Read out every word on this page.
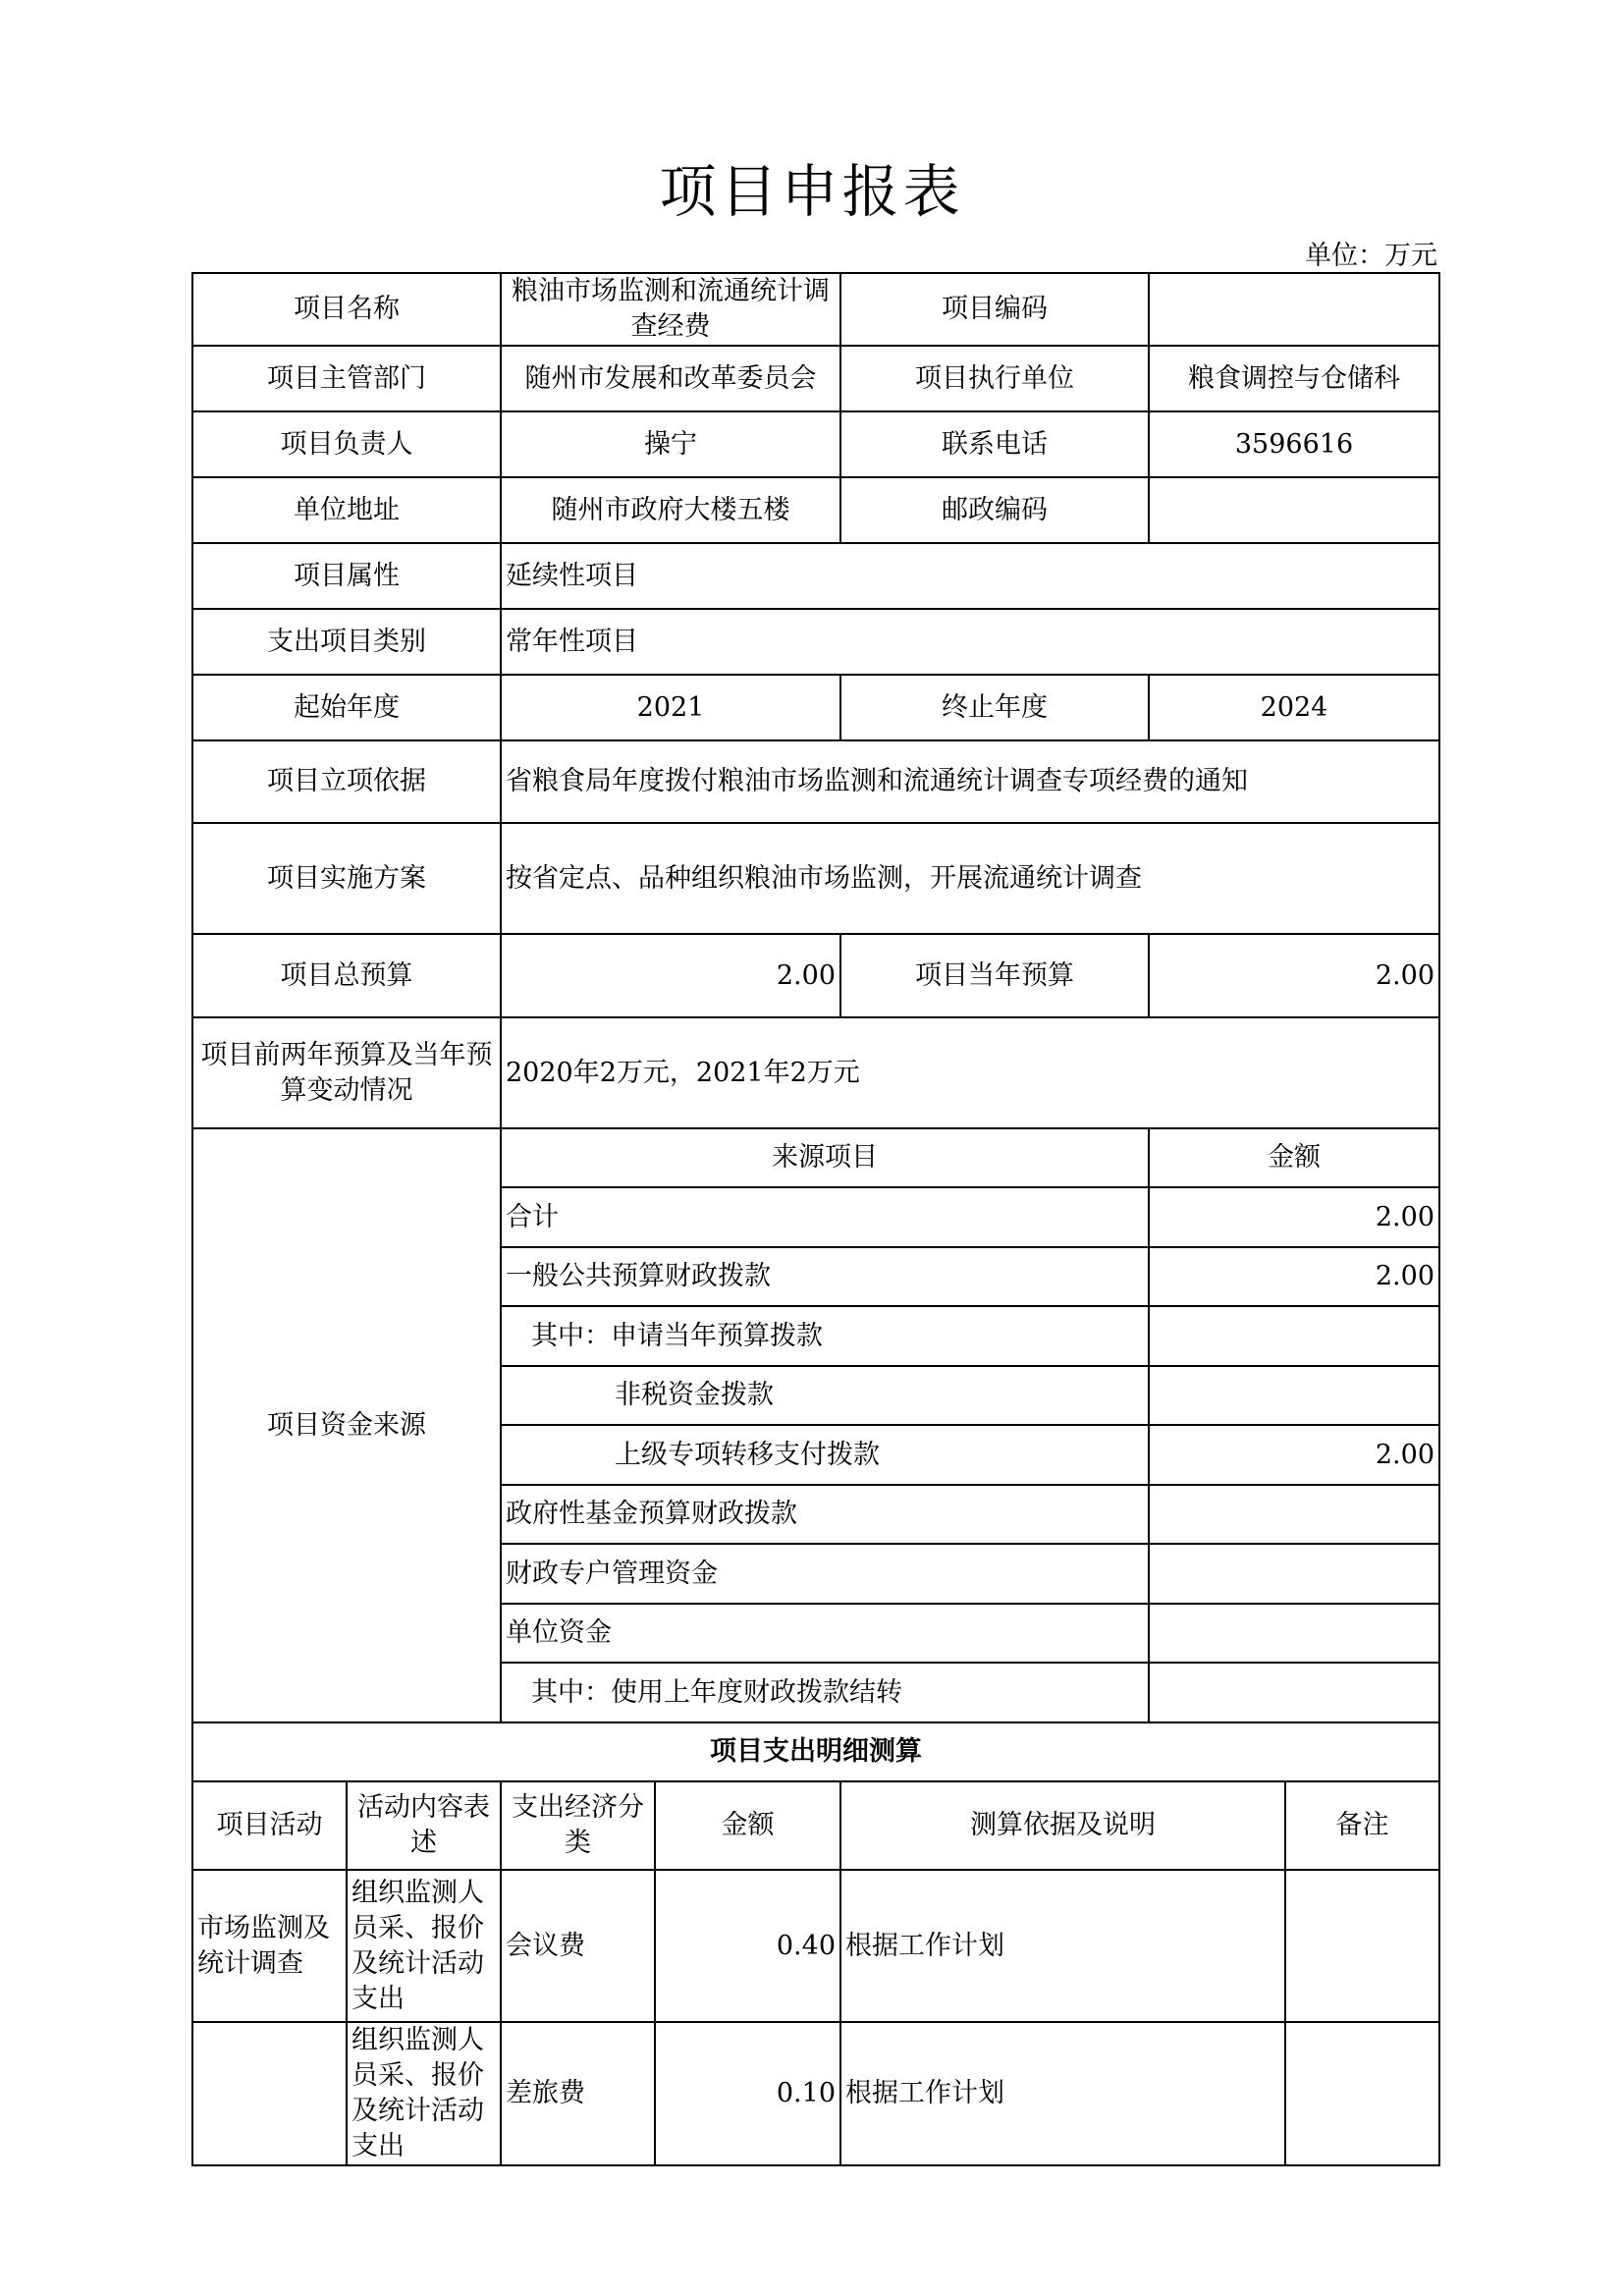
项目申报表
单位：万元
项目名称		粮油市场监测和流通统计调查经费		项目编码		
项目主管部门		随州市发展和改革委员会		项目执行单位	粮食调控与仓储科	
项目负责人		操宁		联系电话	3596616	
单位地址		随州市政府大楼五楼		邮政编码		
项目属性		延续性项目				
支出项目类别		常年性项目				
起始年度		2021		终止年度	2024	
项目立项依据		省粮食局年度拨付粮油市场监测和流通统计调查专项经费的通知				
项目实施方案		按省定点、品种组织粮油市场监测，开展流通统计调查				
项目总预算		2.00		项目当年预算	2.00	
项目前两年预算及当年预算变动情况		2020年2万元，2021年2万元				
项目资金来源		来源项目			金额	
		合计			2.00	
		一般公共预算财政拨款			2.00	
		其中：申请当年预算拨款				
		非税资金拨款				
		上级专项转移支付拨款			2.00	
		政府性基金预算财政拨款				
		财政专户管理资金				
		单位资金				
		其中：使用上年度财政拨款结转				
项目支出明细测算						
项目活动	活动内容表述	支出经济分类	金额	测算依据及说明		备注
市场监测及统计调查	组织监测人员采、报价及统计活动支出	会议费	0.40	根据工作计划		
	组织监测人员采、报价及统计活动支出	差旅费	0.10	根据工作计划		
